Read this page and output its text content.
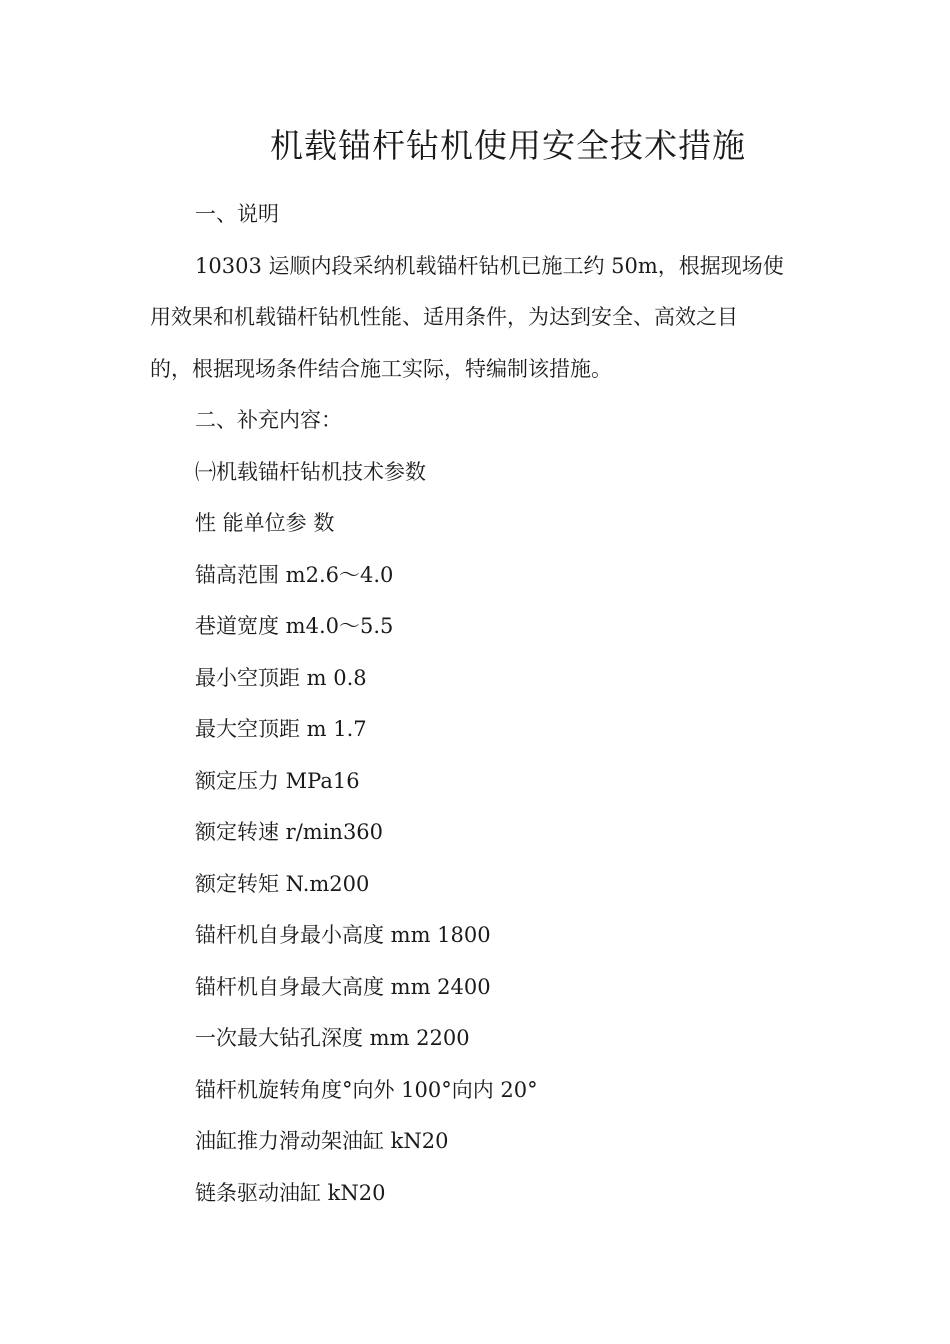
机载锚杆钻机使用安全技术措施

一、说明

10303 运顺内段采纳机载锚杆钻机已施工约 50m，根据现场使

用效果和机载锚杆钻机性能、适用条件，为达到安全、高效之目

的，根据现场条件结合施工实际，特编制该措施。

二、补充内容：

㈠机载锚杆钻机技术参数

性 能单位参 数

锚高范围 m2.6～4.0

巷道宽度 m4.0～5.5

最小空顶距 m 0.8

最大空顶距 m 1.7

额定压力 MPa16

额定转速 r/min360

额定转矩 N.m200

锚杆机自身最小高度 mm 1800

锚杆机自身最大高度 mm 2400

一次最大钻孔深度 mm 2200

锚杆机旋转角度°向外 100°向内 20°

油缸推力滑动架油缸 kN20

链条驱动油缸 kN20
